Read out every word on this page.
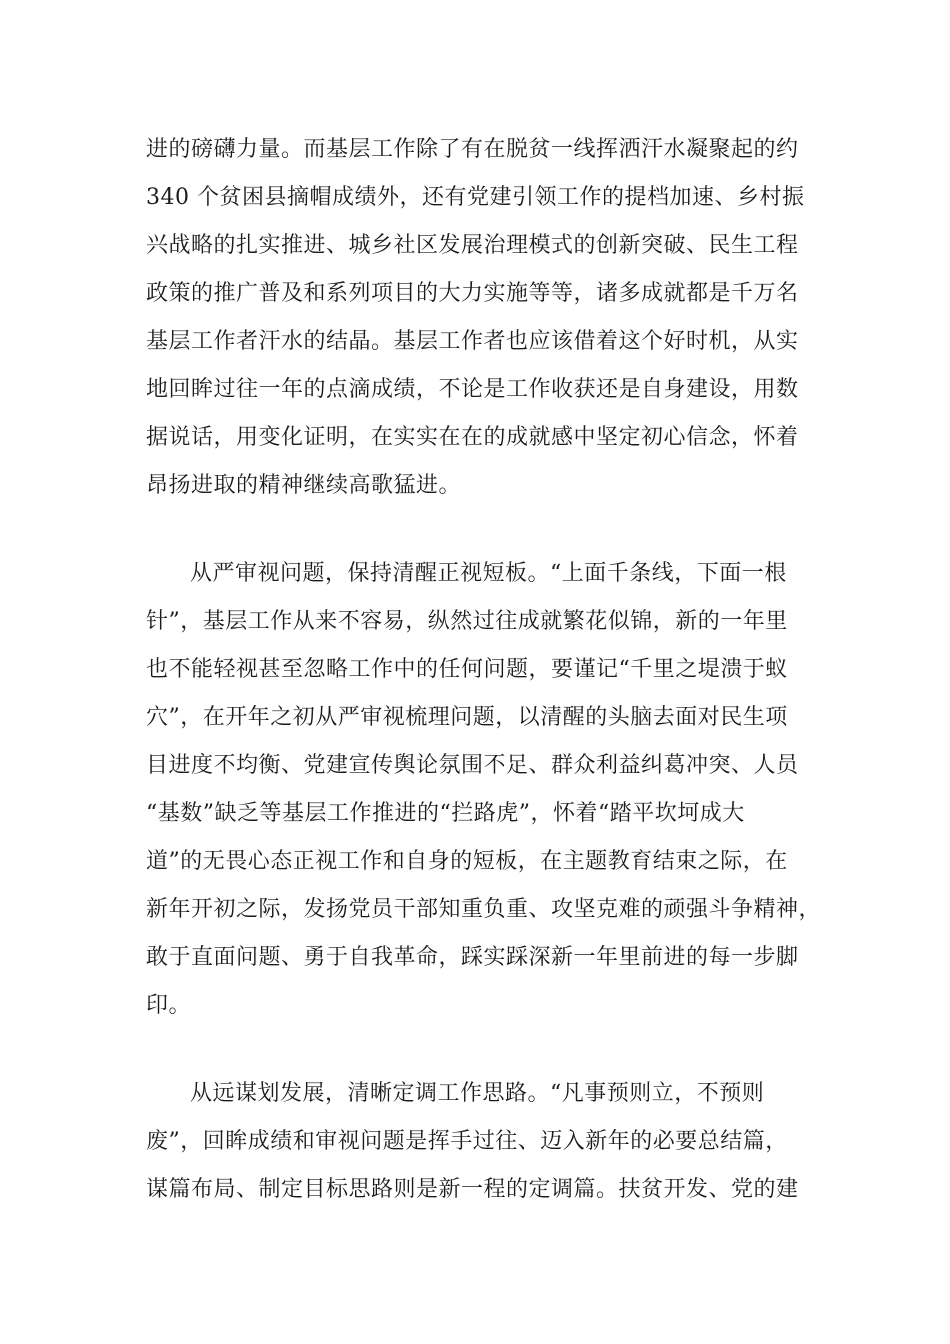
进的磅礴力量。而基层工作除了有在脱贫一线挥洒汗水凝聚起的约
340 个贫困县摘帽成绩外，还有党建引领工作的提档加速、乡村振
兴战略的扎实推进、城乡社区发展治理模式的创新突破、民生工程
政策的推广普及和系列项目的大力实施等等，诸多成就都是千万名
基层工作者汗水的结晶。基层工作者也应该借着这个好时机，从实
地回眸过往一年的点滴成绩，不论是工作收获还是自身建设，用数
据说话，用变化证明，在实实在在的成就感中坚定初心信念，怀着
昂扬进取的精神继续高歌猛进。
从严审视问题，保持清醒正视短板。“上面千条线，下面一根
针”，基层工作从来不容易，纵然过往成就繁花似锦，新的一年里
也不能轻视甚至忽略工作中的任何问题，要谨记“千里之堤溃于蚁
穴”，在开年之初从严审视梳理问题，以清醒的头脑去面对民生项
目进度不均衡、党建宣传舆论氛围不足、群众利益纠葛冲突、人员
“基数”缺乏等基层工作推进的“拦路虎”，怀着“踏平坎坷成大
道”的无畏心态正视工作和自身的短板，在主题教育结束之际，在
新年开初之际，发扬党员干部知重负重、攻坚克难的顽强斗争精神，
敢于直面问题、勇于自我革命，踩实踩深新一年里前进的每一步脚
印。
从远谋划发展，清晰定调工作思路。“凡事预则立，不预则
废”，回眸成绩和审视问题是挥手过往、迈入新年的必要总结篇，
谋篇布局、制定目标思路则是新一程的定调篇。扶贫开发、党的建
